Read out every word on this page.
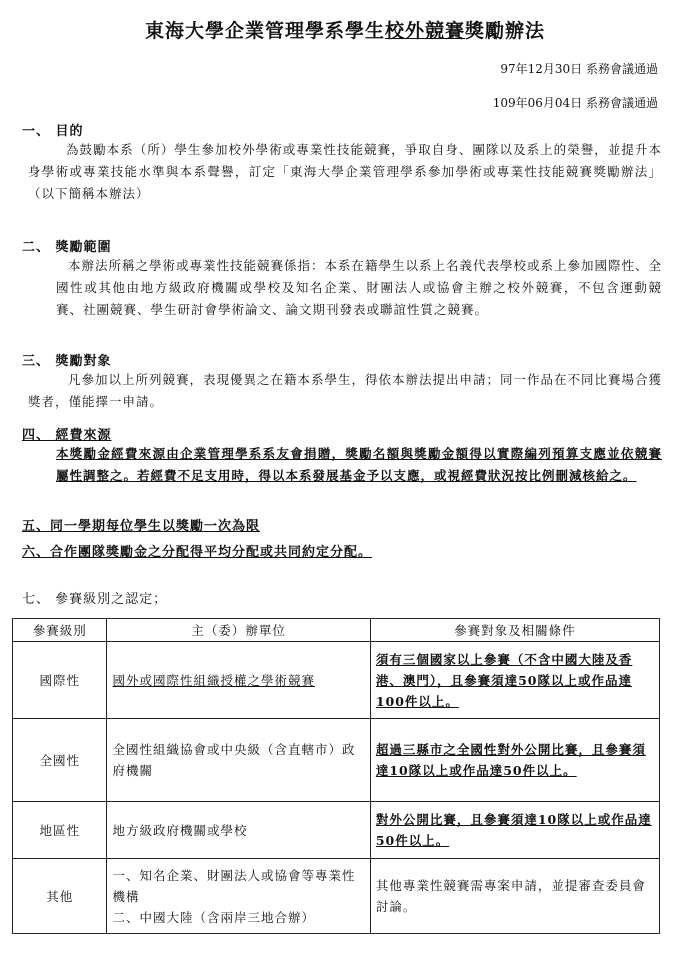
東海大學企業管理學系學生校外競賽獎勵辦法
97年12月30日 系務會議通過
109年06月04日 系務會議通過
一、 目的
為鼓勵本系（所）學生參加校外學術或專業性技能競賽，爭取自身、團隊以及系上的榮譽，並提升本身學術或專業技能水準與本系聲譽，訂定「東海大學企業管理學系參加學術或專業性技能競賽獎勵辦法」（以下簡稱本辦法）
二、 獎勵範圍
本辦法所稱之學術或專業性技能競賽係指：本系在籍學生以系上名義代表學校或系上參加國際性、全國性或其他由地方級政府機關或學校及知名企業、財團法人或協會主辦之校外競賽，不包含運動競賽、社團競賽、學生研討會學術論文、論文期刊發表或聯誼性質之競賽。
三、 獎勵對象
凡參加以上所列競賽，表現優異之在籍本系學生，得依本辦法提出申請；同一作品在不同比賽場合獲獎者，僅能擇一申請。
四、 經費來源
本獎勵金經費來源由企業管理學系系友會捐贈，獎勵名額與獎勵金額得以實際編列預算支應並依競賽屬性調整之。若經費不足支用時，得以本系發展基金予以支應，或視經費狀況按比例刪減核給之。
五、同一學期每位學生以獎勵一次為限
六、合作團隊獎勵金之分配得平均分配或共同約定分配。
七、 參賽級別之認定；
參賽級別	主（委）辦單位	參賽對象及相關條件
國際性	國外或國際性組織授權之學術競賽	須有三個國家以上參賽（不含中國大陸及香港、澳門），且參賽須達50隊以上或作品達100件以上。
全國性	全國性組織協會或中央級（含直轄市）政府機關	超過三縣市之全國性對外公開比賽，且參賽須達10隊以上或作品達50件以上。
地區性	地方級政府機關或學校	對外公開比賽，且參賽須達10隊以上或作品達50件以上。
其他	一、知名企業、財團法人或協會等專業性機構
二、中國大陸（含兩岸三地合辦）	其他專業性競賽需專案申請，並提審查委員會討論。
